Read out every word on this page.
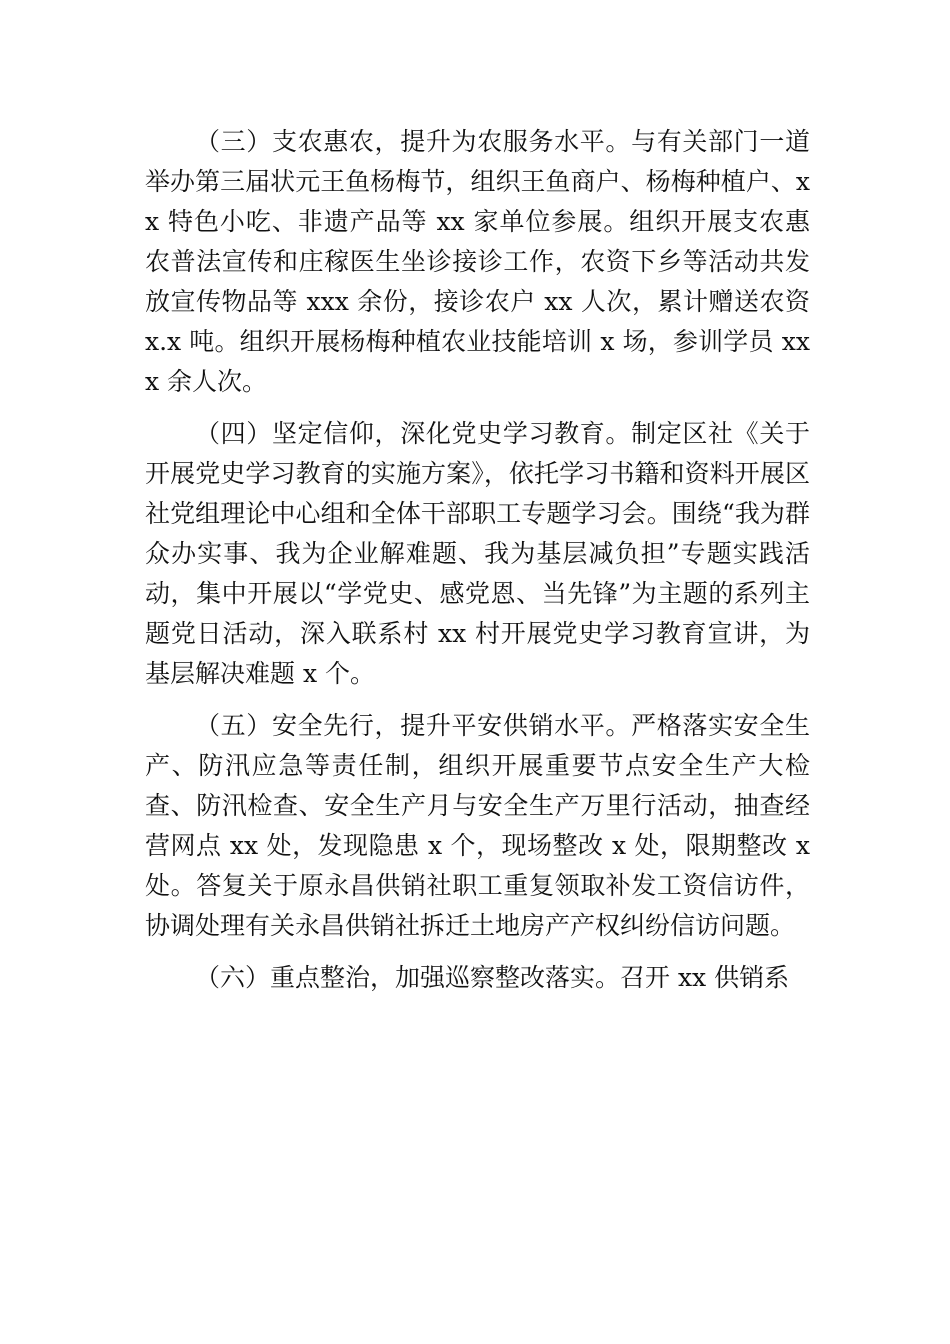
（三）支农惠农，提升为农服务水平。与有关部门一道举办第三届状元王鱼杨梅节，组织王鱼商户、杨梅种植户、xx 特色小吃、非遗产品等 xx 家单位参展。组织开展支农惠农普法宣传和庄稼医生坐诊接诊工作，农资下乡等活动共发放宣传物品等 xxx 余份，接诊农户 xx 人次，累计赠送农资 x.x 吨。组织开展杨梅种植农业技能培训 x 场，参训学员 xxx 余人次。

（四）坚定信仰，深化党史学习教育。制定区社《关于开展党史学习教育的实施方案》，依托学习书籍和资料开展区社党组理论中心组和全体干部职工专题学习会。围绕“我为群众办实事、我为企业解难题、我为基层减负担”专题实践活动，集中开展以“学党史、感党恩、当先锋”为主题的系列主题党日活动，深入联系村 xx 村开展党史学习教育宣讲，为基层解决难题 x 个。

（五）安全先行，提升平安供销水平。严格落实安全生产、防汛应急等责任制，组织开展重要节点安全生产大检查、防汛检查、安全生产月与安全生产万里行活动，抽查经营网点 xx 处，发现隐患 x 个，现场整改 x 处，限期整改 x 处。答复关于原永昌供销社职工重复领取补发工资信访件，协调处理有关永昌供销社拆迁土地房产产权纠纷信访问题。

（六）重点整治，加强巡察整改落实。召开 xx 供销系
